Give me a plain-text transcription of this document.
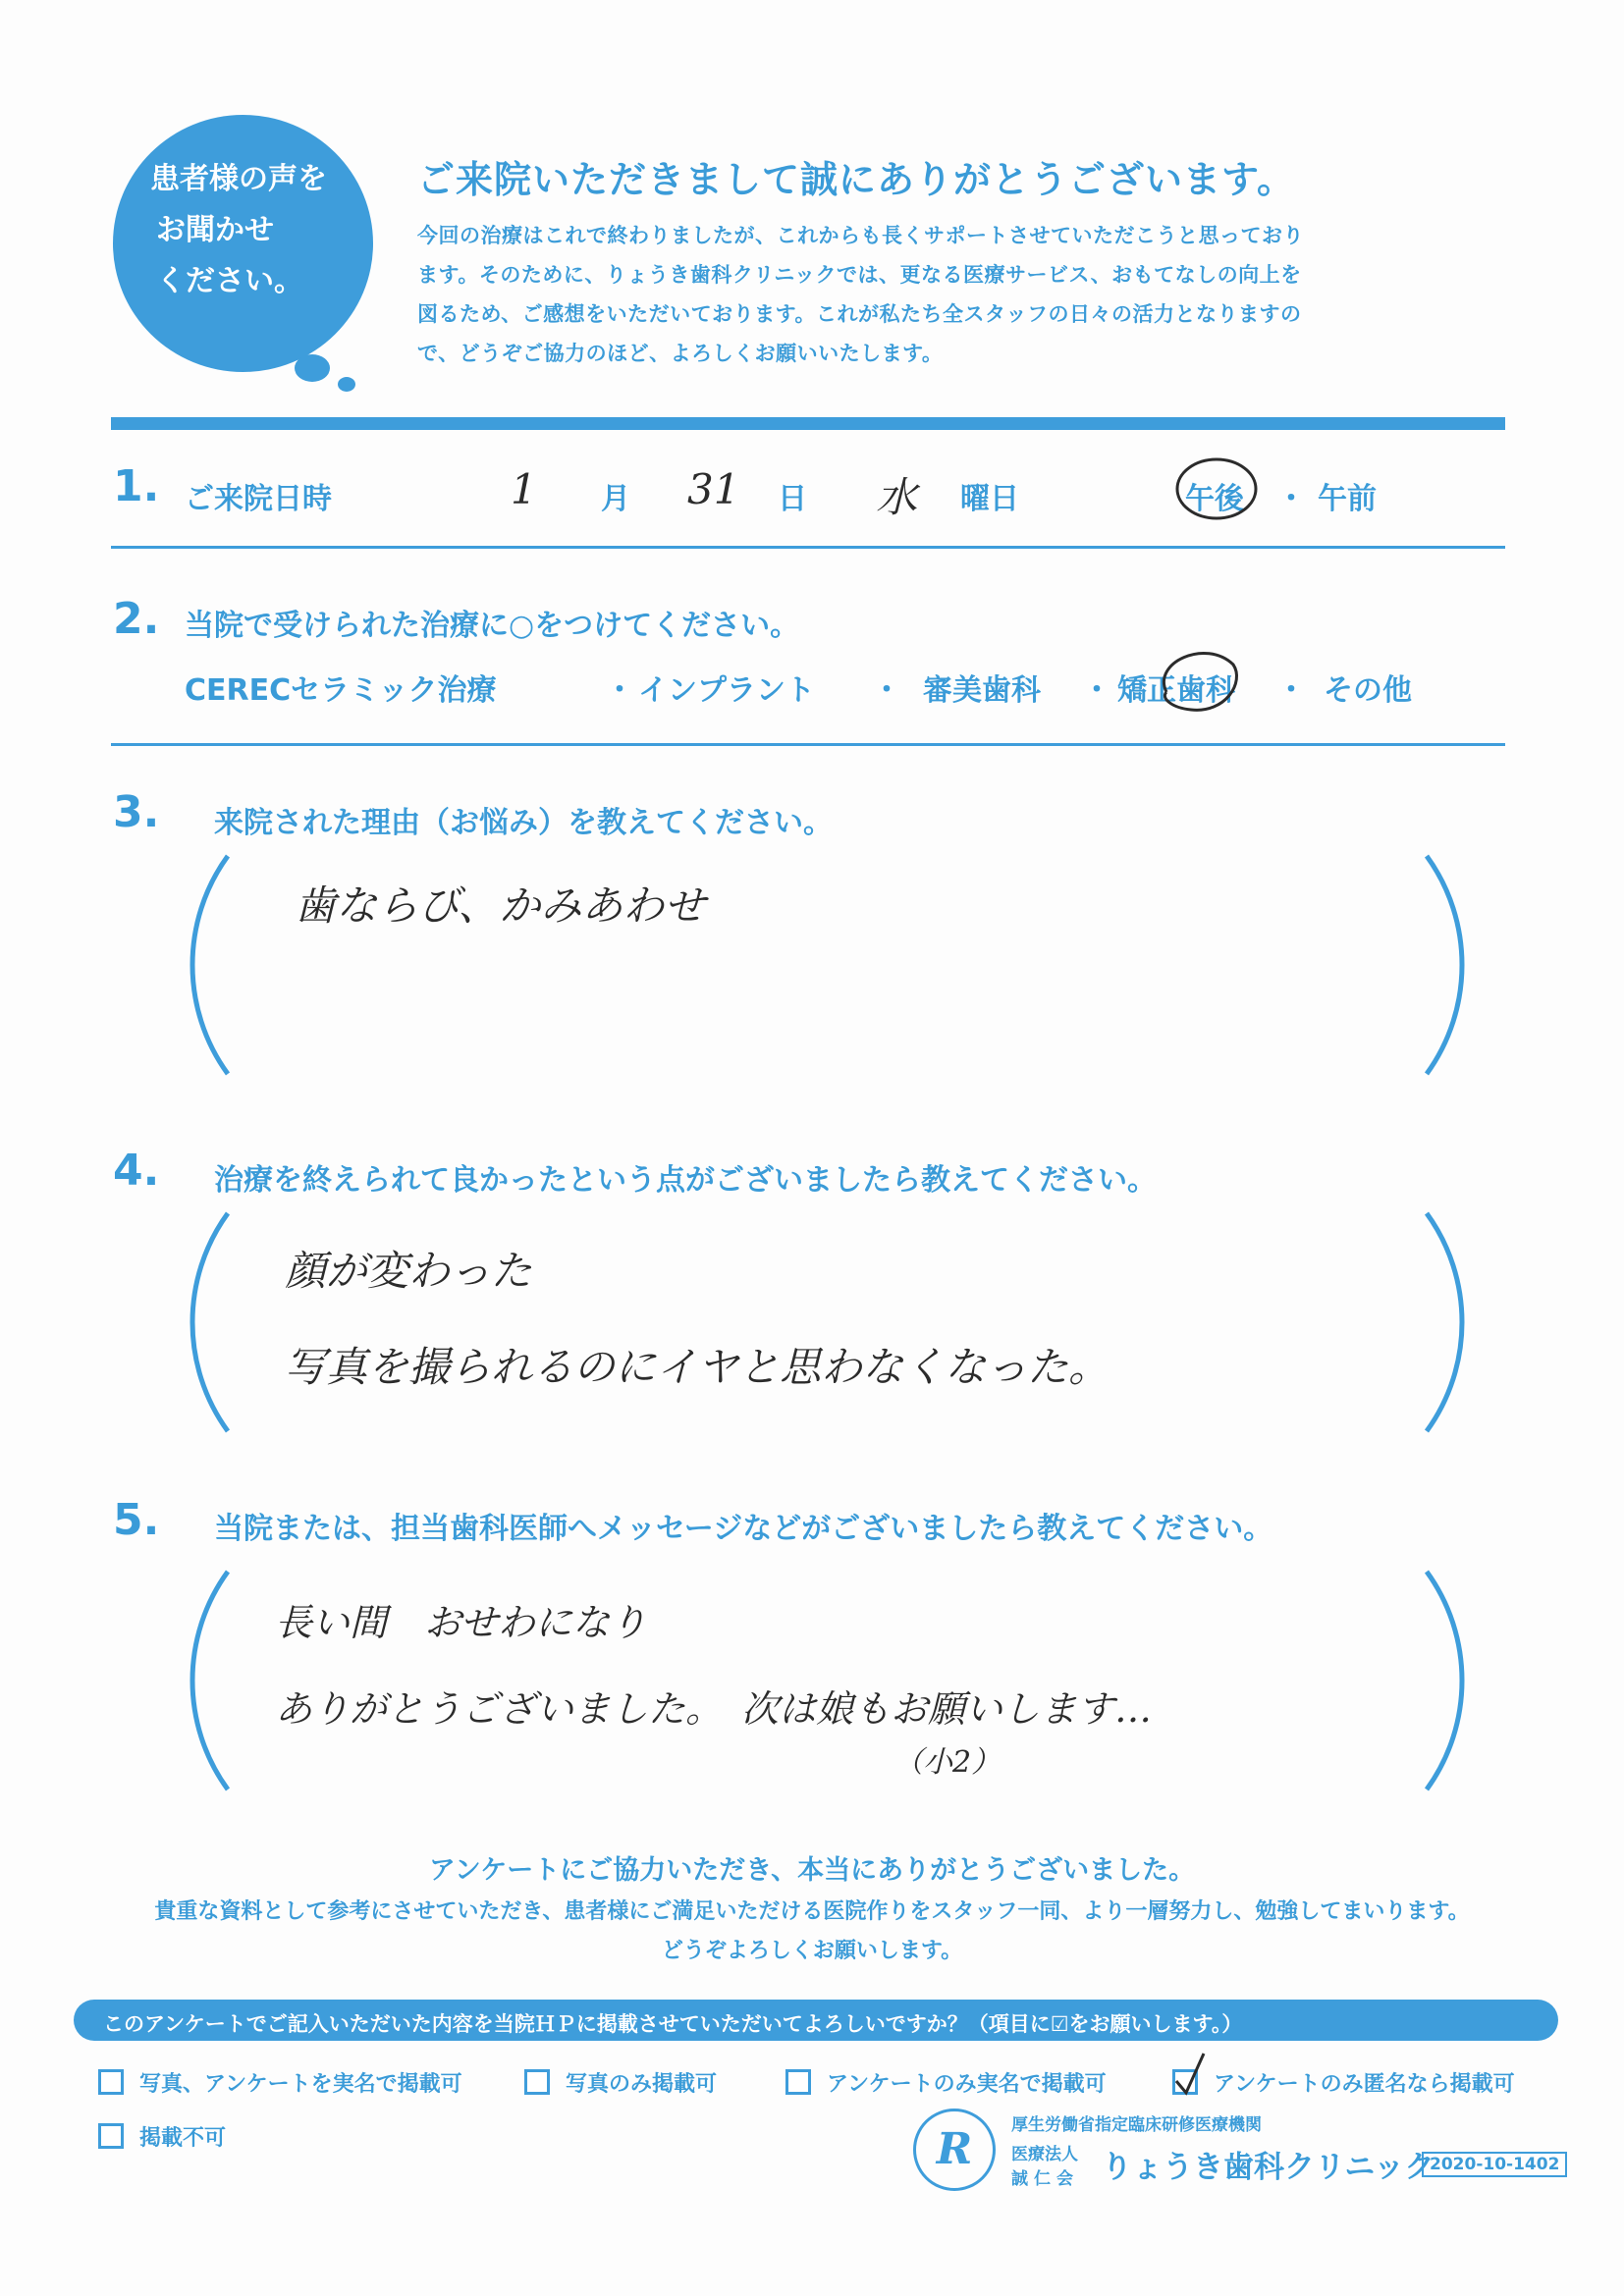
患者様の声を
お聞かせ
ください。
ご来院いただきまして誠にありがとうございます。
今回の治療はこれで終わりましたが、これからも長くサポートさせていただこうと思っており
ます。そのために、りょうき歯科クリニックでは、更なる医療サービス、おもてなしの向上を
図るため、ご感想をいただいております。これが私たち全スタッフの日々の活力となりますの
で、どうぞご協力のほど、よろしくお願いいたします。
1. ご来院日時	1 月 31 日 水 曜日	午後 ・ 午前
2. 当院で受けられた治療に○をつけてください。
CERECセラミック治療	・ インプラント ・ 審美歯科 ・ 矯正歯科 ・ その他
3. 来院された理由（お悩み）を教えてください。
歯ならび、かみあわせ
4. 治療を終えられて良かったという点がございましたら教えてください。
顔が変わった
写真を撮られるのにイヤと思わなくなった。
5. 当院または、担当歯科医師へメッセージなどがございましたら教えてください。
長い間　おせわになり
ありがとうございました。　次は娘もお願いします…
（小2）
アンケートにご協力いただき、本当にありがとうございました。
貴重な資料として参考にさせていただき、患者様にご満足いただける医院作りをスタッフ一同、より一層努力し、勉強してまいります。
どうぞよろしくお願いします。
このアンケートでご記入いただいた内容を当院ＨＰに掲載させていただいてよろしいですか？（項目に☑をお願いします。）
写真、アンケートを実名で掲載可	写真のみ掲載可	アンケートのみ実名で掲載可	アンケートのみ匿名なら掲載可
掲載不可	R	厚生労働省指定臨床研修医療機関
医療法人
誠仁会 りょうき歯科クリニック
2020-10-1402
